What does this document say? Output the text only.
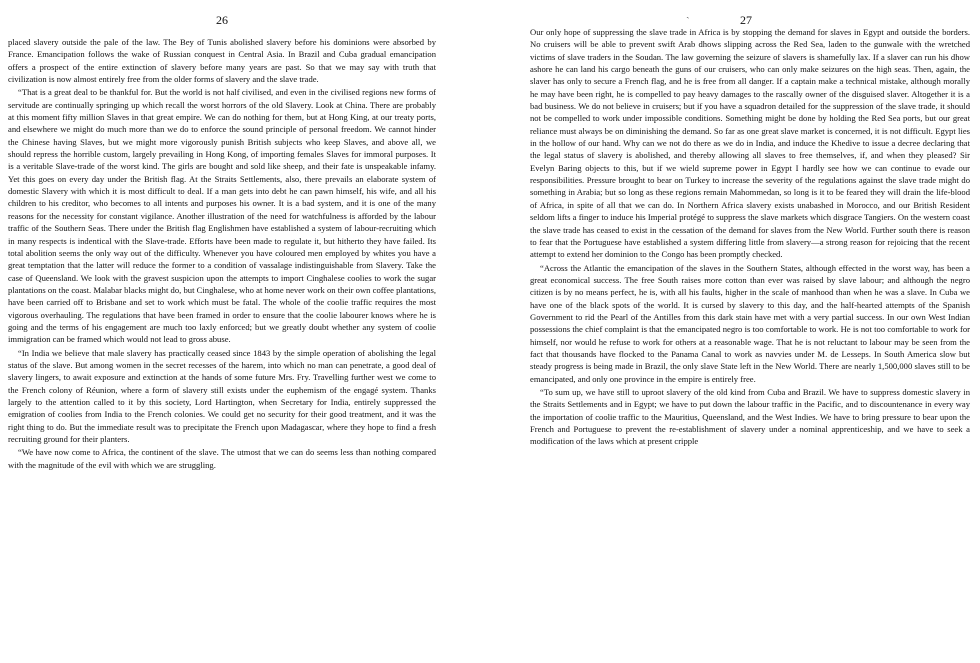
26

placed slavery outside the pale of the law. The Bey of Tunis abolished slavery before his dominions were absorbed by France. Emancipation follows the wake of Russian conquest in Central Asia. In Brazil and Cuba gradual emancipation offers a prospect of the entire extinction of slavery before many years are past. So that we may say with truth that civilization is now almost entirely free from the older forms of slavery and the slave trade.

“That is a great deal to be thankful for. But the world is not half civilised, and even in the civilised regions new forms of servitude are continually springing up which recall the worst horrors of the old Slavery. Look at China. There are probably at this moment fifty million Slaves in that great empire. We can do nothing for them, but at Hong King, at our treaty ports, and elsewhere we might do much more than we do to enforce the sound principle of personal freedom. We cannot hinder the Chinese having Slaves, but we might more vigorously punish British subjects who keep Slaves, and above all, we should repress the horrible custom, largely prevailing in Hong Kong, of importing females Slaves for immoral purposes. It is a veritable Slave-trade of the worst kind. The girls are bought and sold like sheep, and their fate is unspeakable infamy. Yet this goes on every day under the British flag. At the Straits Settlements, also, there prevails an elaborate system of domestic Slavery with which it is most difficult to deal. If a man gets into debt he can pawn himself, his wife, and all his children to his creditor, who becomes to all intents and purposes his owner. It is a bad system, and it is one of the many reasons for the necessity for constant vigilance. Another illustration of the need for watchfulness is afforded by the labour traffic of the Southern Seas. There under the British flag Englishmen have established a system of labour-recruiting which in many respects is indentical with the Slave-trade. Efforts have been made to regulate it, but hitherto they have failed. Its total abolition seems the only way out of the difficulty. Whenever you have coloured men employed by whites you have a great temptation that the latter will reduce the former to a condition of vassalage indistinguishable from Slavery. Take the case of Queensland. We look with the gravest suspicion upon the attempts to import Cinghalese coolies to work the sugar plantations on the coast. Malabar blacks might do, but Cinghalese, who at home never work on their own coffee plantations, have been carried off to Brisbane and set to work which must be fatal. The whole of the coolie traffic requires the most vigorous overhauling. The regulations that have been framed in order to ensure that the coolie labourer knows where he is going and the terms of his engagement are much too laxly enforced; but we greatly doubt whether any system of coolie immigration can be framed which would not lead to gross abuse.

“In India we believe that male slavery has practically ceased since 1843 by the simple operation of abolishing the legal status of the slave. But among women in the secret recesses of the harem, into which no man can penetrate, a good deal of slavery lingers, to await exposure and extinction at the hands of some future Mrs. Fry. Travelling further west we come to the French colony of Réunion, where a form of slavery still exists under the euphemism of the engagé system. Thanks largely to the attention called to it by this society, Lord Hartington, when Secretary for India, entirely suppressed the emigration of coolies from India to the French colonies. We could get no security for their good treatment, and it was the right thing to do. But the immediate result was to precipitate the French upon Madagascar, where they hope to find a fresh recruiting ground for their planters.

“We have now come to Africa, the continent of the slave. The utmost that we can do seems less than nothing compared with the magnitude of the evil with which we are struggling.

ˎ	27

Our only hope of suppressing the slave trade in Africa is by stopping the demand for slaves in Egypt and outside the borders. No cruisers will be able to prevent swift Arab dhows slipping across the Red Sea, laden to the gunwale with the wretched victims of slave traders in the Soudan. The law governing the seizure of slavers is shamefully lax. If a slaver can run his dhow ashore he can land his cargo beneath the guns of our cruisers, who can only make seizures on the high seas. Then, again, the slaver has only to secure a French flag, and he is free from all danger. If a captain make a technical mistake, although morally he may have been right, he is compelled to pay heavy damages to the rascally owner of the disguised slaver. Altogether it is a bad business. We do not believe in cruisers; but if you have a squadron detailed for the suppression of the slave trade, it should not be compelled to work under impossible conditions. Something might be done by holding the Red Sea ports, but our great reliance must always be on diminishing the demand. So far as one great slave market is concerned, it is not difficult. Egypt lies in the hollow of our hand. Why can we not do there as we do in India, and induce the Khedive to issue a decree declaring that the legal status of slavery is abolished, and thereby allowing all slaves to free themselves, if, and when they pleased? Sir Evelyn Baring objects to this, but if we wield supreme power in Egypt I hardly see how we can continue to evade our responsibilities. Pressure brought to bear on Turkey to increase the severity of the regulations against the slave trade might do something in Arabia; but so long as these regions remain Mahommedan, so long is it to be feared they will drain the life-blood of Africa, in spite of all that we can do. In Northern Africa slavery exists unabashed in Morocco, and our British Resident seldom lifts a finger to induce his Imperial protégé to suppress the slave markets which disgrace Tangiers. On the western coast the slave trade has ceased to exist in the cessation of the demand for slaves from the New World. Further south there is reason to fear that the Portuguese have established a system differing little from slavery—a strong reason for rejoicing that the recent attempt to extend her dominion to the Congo has been promptly checked.

“Across the Atlantic the emancipation of the slaves in the Southern States, although effected in the worst way, has been a great economical success. The free South raises more cotton than ever was raised by slave labour; and although the negro citizen is by no means perfect, he is, with all his faults, higher in the scale of manhood than when he was a slave. In Cuba we have one of the black spots of the world. It is cursed by slavery to this day, and the half-hearted attempts of the Spanish Government to rid the Pearl of the Antilles from this dark stain have met with a very partial success. In our own West Indian possessions the chief complaint is that the emancipated negro is too comfortable to work. He is not too comfortable to work for himself, nor would he refuse to work for others at a reasonable wage. That he is not reluctant to labour may be seen from the fact that thousands have flocked to the Panama Canal to work as navvies under M. de Lesseps. In South America slow but steady progress is being made in Brazil, the only slave State left in the New World. There are nearly 1,500,000 slaves still to be emancipated, and only one province in the empire is entirely free.

“To sum up, we have still to uproot slavery of the old kind from Cuba and Brazil. We have to suppress domestic slavery in the Straits Settlements and in Egypt; we have to put down the labour traffic in the Pacific, and to discountenance in every way the importation of coolie traffic to the Mauritius, Queensland, and the West Indies. We have to bring pressure to bear upon the French and Portuguese to prevent the re-establishment of slavery under a nominal apprenticeship, and we have to seek a modification of the laws which at present cripple
